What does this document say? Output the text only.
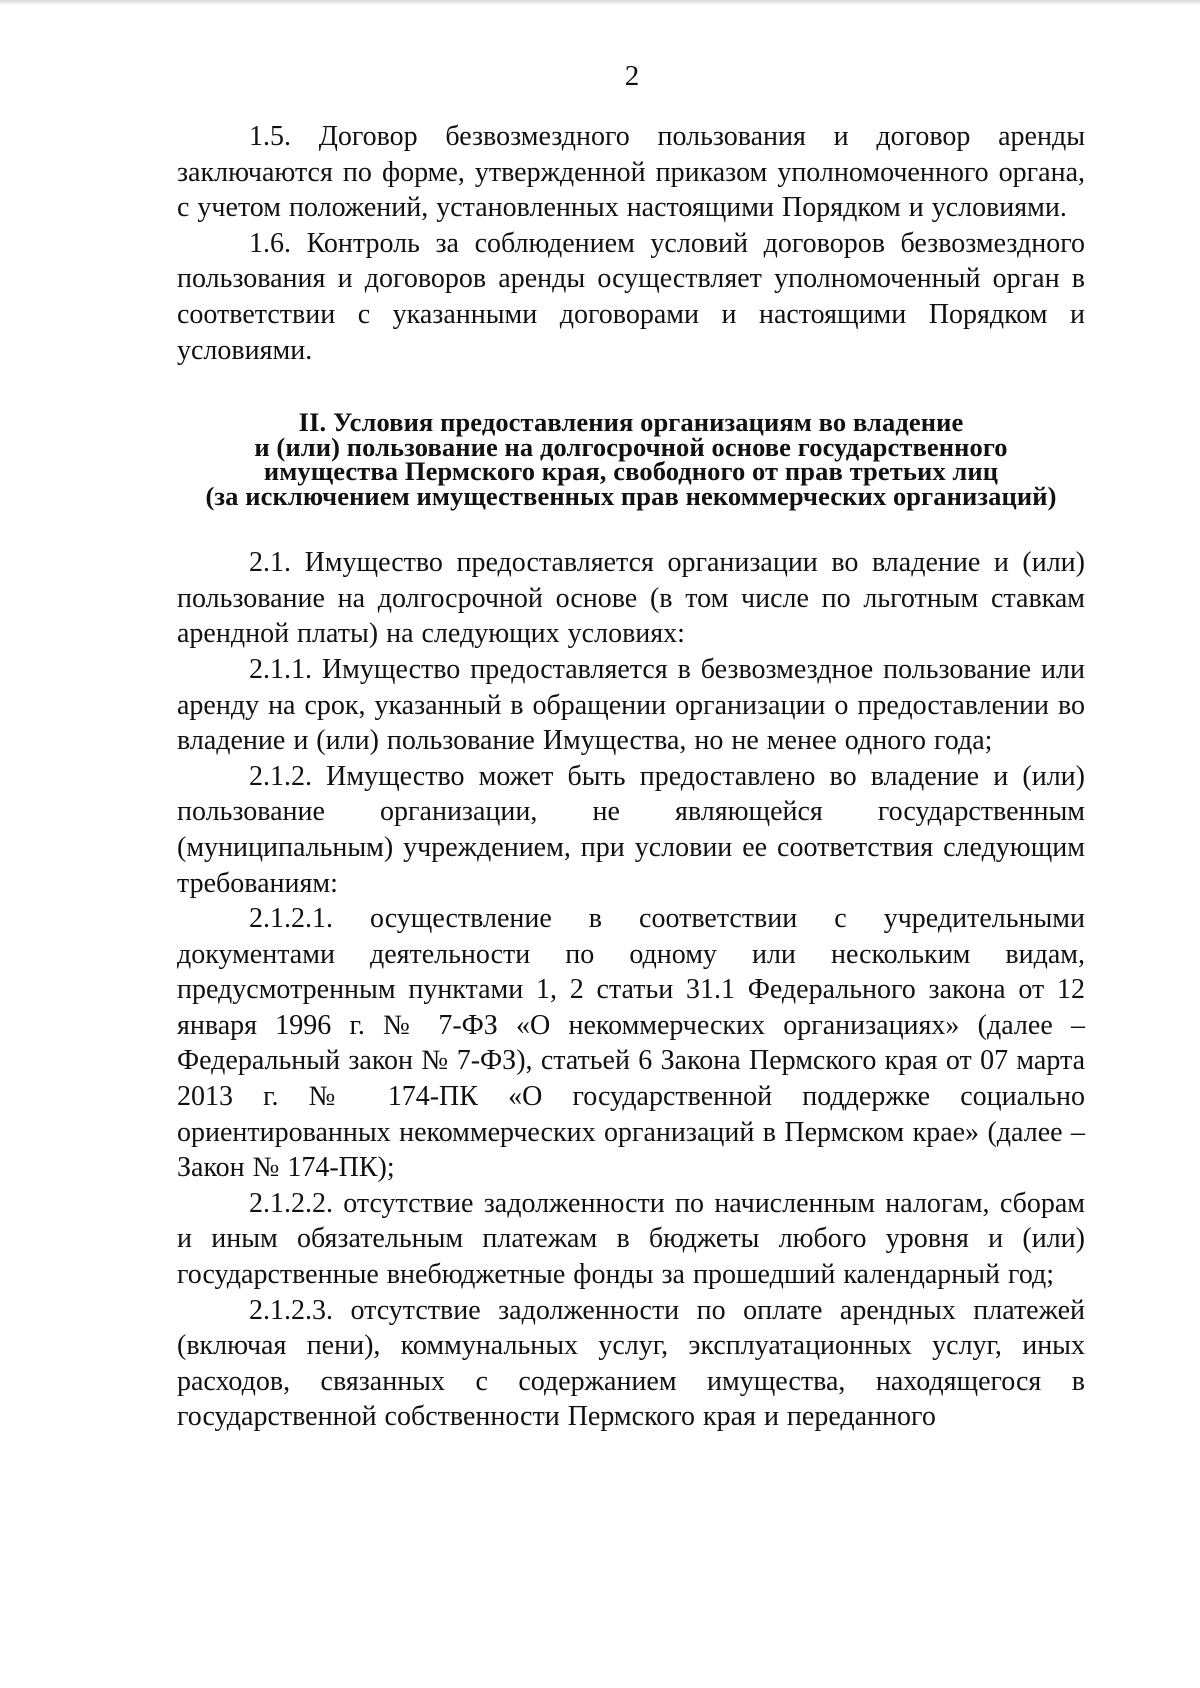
2

1.5. Договор безвозмездного пользования и договор аренды заключаются по форме, утвержденной приказом уполномоченного органа, с учетом положений, установленных настоящими Порядком и условиями.

1.6. Контроль за соблюдением условий договоров безвозмездного пользования и договоров аренды осуществляет уполномоченный орган в соответствии с указанными договорами и настоящими Порядком и условиями.

II. Условия предоставления организациям во владение
и (или) пользование на долгосрочной основе государственного
имущества Пермского края, свободного от прав третьих лиц
(за исключением имущественных прав некоммерческих организаций)

2.1. Имущество предоставляется организации во владение и (или) пользование на долгосрочной основе (в том числе по льготным ставкам арендной платы) на следующих условиях:

2.1.1. Имущество предоставляется в безвозмездное пользование или аренду на срок, указанный в обращении организации о предоставлении во владение и (или) пользование Имущества, но не менее одного года;

2.1.2. Имущество может быть предоставлено во владение и (или) пользование организации, не являющейся государственным (муниципальным) учреждением, при условии ее соответствия следующим требованиям:

2.1.2.1. осуществление в соответствии с учредительными документами деятельности по одному или нескольким видам, предусмотренным пунктами 1, 2 статьи 31.1 Федерального закона от 12 января 1996 г. № 7-ФЗ «О некоммерческих организациях» (далее – Федеральный закон № 7-ФЗ), статьей 6 Закона Пермского края от 07 марта 2013 г. № 174-ПК «О государственной поддержке социально ориентированных некоммерческих организаций в Пермском крае» (далее – Закон № 174-ПК);

2.1.2.2. отсутствие задолженности по начисленным налогам, сборам и иным обязательным платежам в бюджеты любого уровня и (или) государственные внебюджетные фонды за прошедший календарный год;

2.1.2.3. отсутствие задолженности по оплате арендных платежей (включая пени), коммунальных услуг, эксплуатационных услуг, иных расходов, связанных с содержанием имущества, находящегося в государственной собственности Пермского края и переданного
